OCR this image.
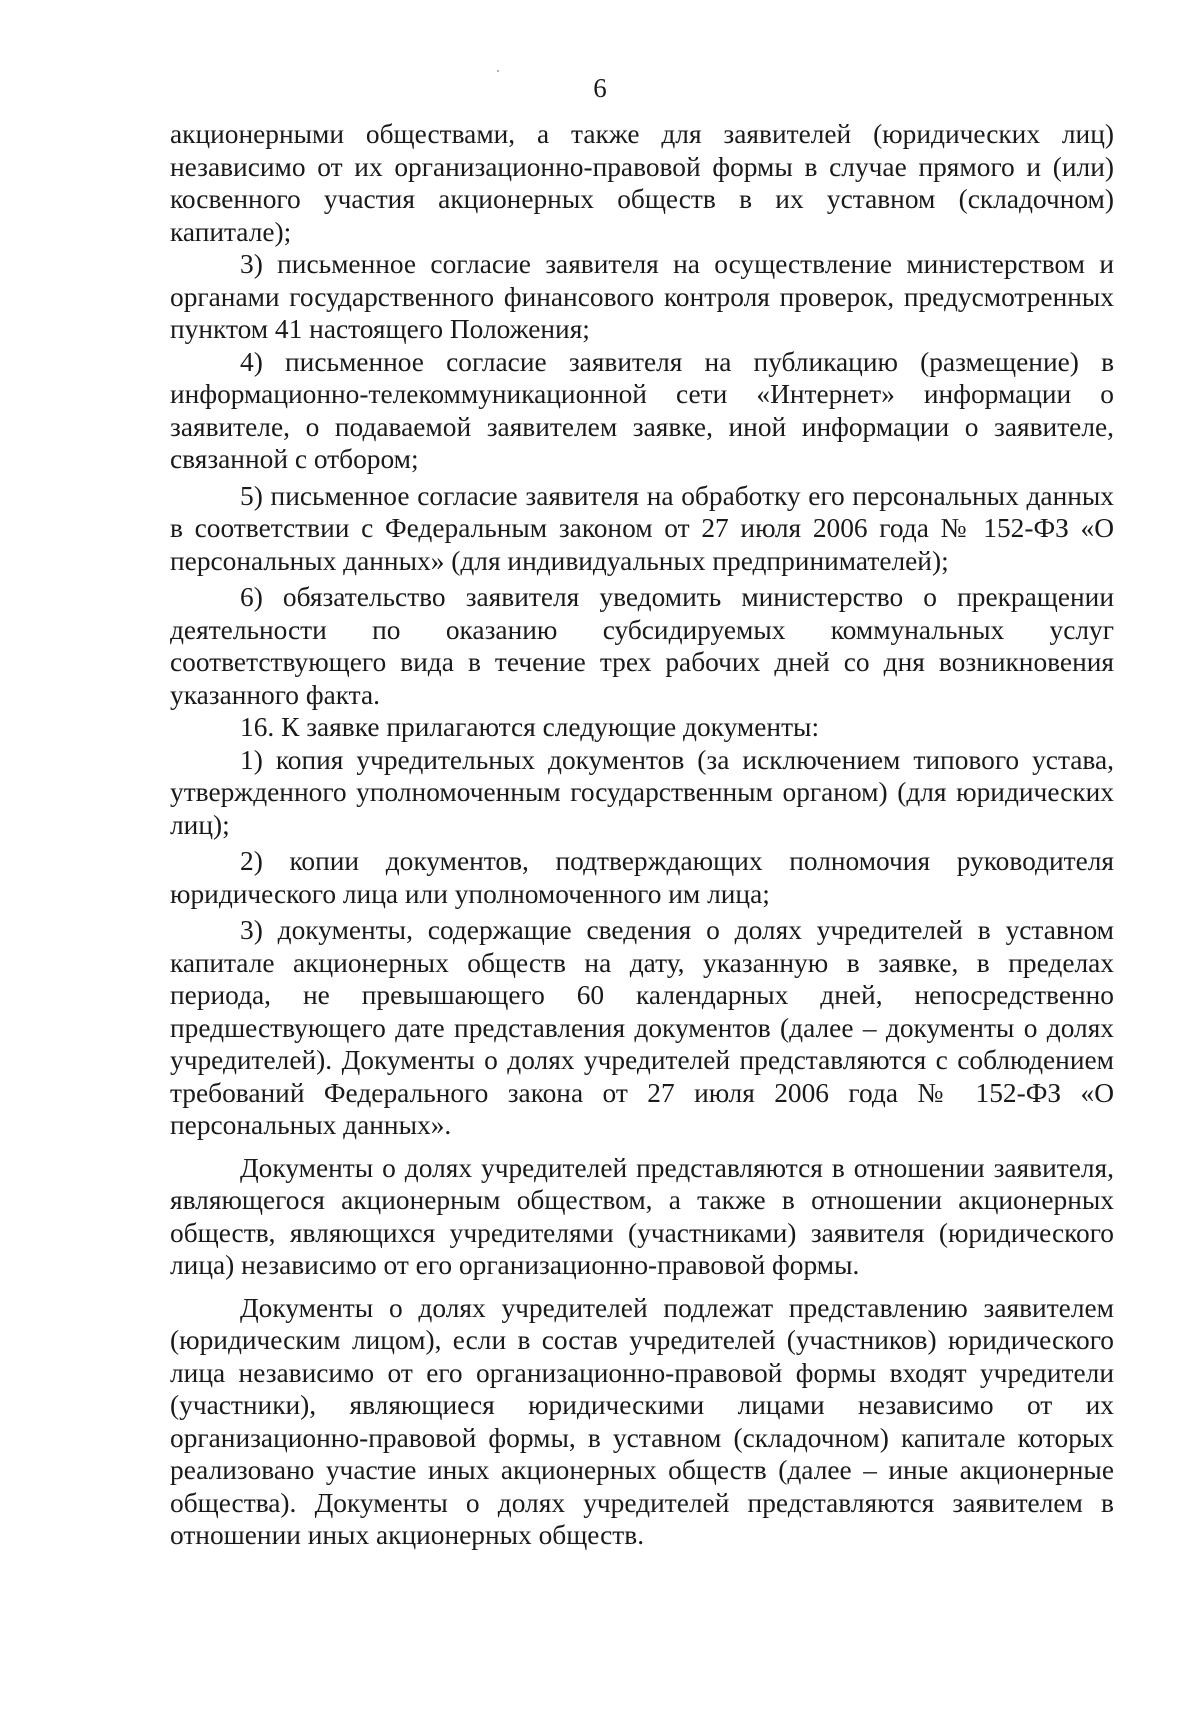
6

акционерными обществами, а также для заявителей (юридических лиц) независимо от их организационно-правовой формы в случае прямого и (или) косвенного участия акционерных обществ в их уставном (складочном) капитале);

3) письменное согласие заявителя на осуществление министерством и органами государственного финансового контроля проверок, предусмотренных пунктом 41 настоящего Положения;

4) письменное согласие заявителя на публикацию (размещение) в информационно-телекоммуникационной сети «Интернет» информации о заявителе, о подаваемой заявителем заявке, иной информации о заявителе, связанной с отбором;

5) письменное согласие заявителя на обработку его персональных данных в соответствии с Федеральным законом от 27 июля 2006 года № 152-ФЗ «О персональных данных» (для индивидуальных предпринимателей);

6) обязательство заявителя уведомить министерство о прекращении деятельности по оказанию субсидируемых коммунальных услуг соответствующего вида в течение трех рабочих дней со дня возникновения указанного факта.

16. К заявке прилагаются следующие документы:

1) копия учредительных документов (за исключением типового устава, утвержденного уполномоченным государственным органом) (для юридических лиц);

2) копии документов, подтверждающих полномочия руководителя юридического лица или уполномоченного им лица;

3) документы, содержащие сведения о долях учредителей в уставном капитале акционерных обществ на дату, указанную в заявке, в пределах периода, не превышающего 60 календарных дней, непосредственно предшествующего дате представления документов (далее – документы о долях учредителей). Документы о долях учредителей представляются с соблюдением требований Федерального закона от 27 июля 2006 года № 152-ФЗ «О персональных данных».

Документы о долях учредителей представляются в отношении заявителя, являющегося акционерным обществом, а также в отношении акционерных обществ, являющихся учредителями (участниками) заявителя (юридического лица) независимо от его организационно-правовой формы.

Документы о долях учредителей подлежат представлению заявителем (юридическим лицом), если в состав учредителей (участников) юридического лица независимо от его организационно-правовой формы входят учредители (участники), являющиеся юридическими лицами независимо от их организационно-правовой формы, в уставном (складочном) капитале которых реализовано участие иных акционерных обществ (далее – иные акционерные общества). Документы о долях учредителей представляются заявителем в отношении иных акционерных обществ.
